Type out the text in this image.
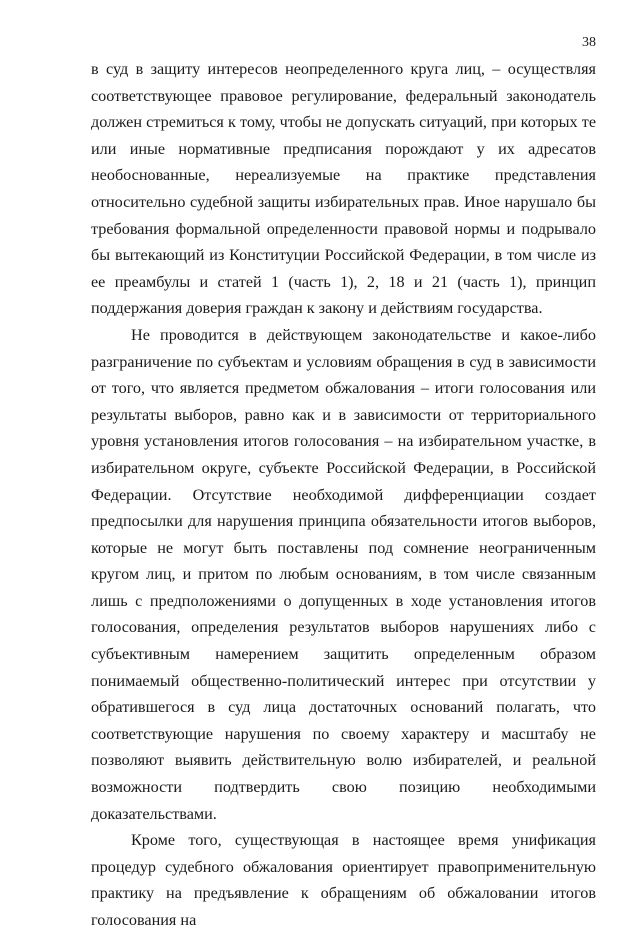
38

в суд в защиту интересов неопределенного круга лиц, – осуществляя соответствующее правовое регулирование, федеральный законодатель должен стремиться к тому, чтобы не допускать ситуаций, при которых те или иные нормативные предписания порождают у их адресатов необоснованные, нереализуемые на практике представления относительно судебной защиты избирательных прав. Иное нарушало бы требования формальной определенности правовой нормы и подрывало бы вытекающий из Конституции Российской Федерации, в том числе из ее преамбулы и статей 1 (часть 1), 2, 18 и 21 (часть 1), принцип поддержания доверия граждан к закону и действиям государства.

Не проводится в действующем законодательстве и какое-либо разграничение по субъектам и условиям обращения в суд в зависимости от того, что является предметом обжалования – итоги голосования или результаты выборов, равно как и в зависимости от территориального уровня установления итогов голосования – на избирательном участке, в избирательном округе, субъекте Российской Федерации, в Российской Федерации. Отсутствие необходимой дифференциации создает предпосылки для нарушения принципа обязательности итогов выборов, которые не могут быть поставлены под сомнение неограниченным кругом лиц, и притом по любым основаниям, в том числе связанным лишь с предположениями о допущенных в ходе установления итогов голосования, определения результатов выборов нарушениях либо с субъективным намерением защитить определенным образом понимаемый общественно-политический интерес при отсутствии у обратившегося в суд лица достаточных оснований полагать, что соответствующие нарушения по своему характеру и масштабу не позволяют выявить действительную волю избирателей, и реальной возможности подтвердить свою позицию необходимыми доказательствами.

Кроме того, существующая в настоящее время унификация процедур судебного обжалования ориентирует правоприменительную практику на предъявление к обращениям об обжаловании итогов голосования на
